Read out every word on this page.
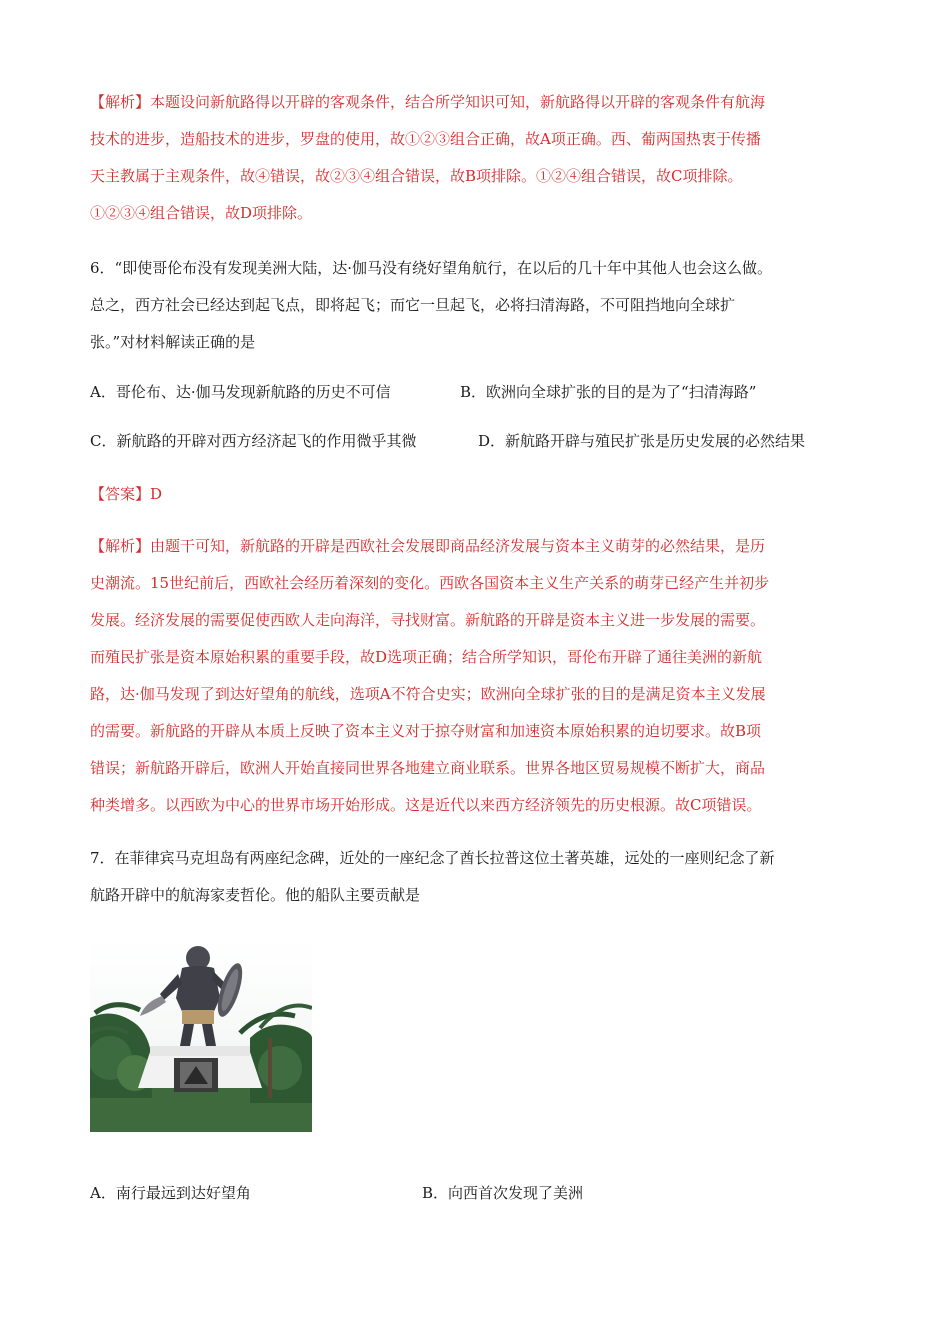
【解析】本题设问新航路得以开辟的客观条件，结合所学知识可知，新航路得以开辟的客观条件有航海
技术的进步，造船技术的进步，罗盘的使用，故①②③组合正确，故A项正确。西、葡两国热衷于传播
天主教属于主观条件，故④错误，故②③④组合错误，故B项排除。①②④组合错误，故C项排除。
①②③④组合错误，故D项排除。
6．“即使哥伦布没有发现美洲大陆，达·伽马没有绕好望角航行，在以后的几十年中其他人也会这么做。
总之，西方社会已经达到起飞点，即将起飞；而它一旦起飞，必将扫清海路，不可阻挡地向全球扩
张。”对材料解读正确的是
A．哥伦布、达·伽马发现新航路的历史不可信	B．欧洲向全球扩张的目的是为了“扫清海路”
C．新航路的开辟对西方经济起飞的作用微乎其微	D．新航路开辟与殖民扩张是历史发展的必然结果
【答案】D
【解析】由题干可知，新航路的开辟是西欧社会发展即商品经济发展与资本主义萌芽的必然结果，是历
史潮流。15世纪前后，西欧社会经历着深刻的变化。西欧各国资本主义生产关系的萌芽已经产生并初步
发展。经济发展的需要促使西欧人走向海洋，寻找财富。新航路的开辟是资本主义进一步发展的需要。
而殖民扩张是资本原始积累的重要手段，故D选项正确；结合所学知识，哥伦布开辟了通往美洲的新航
路，达·伽马发现了到达好望角的航线，选项A不符合史实；欧洲向全球扩张的目的是满足资本主义发展
的需要。新航路的开辟从本质上反映了资本主义对于掠夺财富和加速资本原始积累的迫切要求。故B项
错误；新航路开辟后，欧洲人开始直接同世界各地建立商业联系。世界各地区贸易规模不断扩大，商品
种类增多。以西欧为中心的世界市场开始形成。这是近代以来西方经济领先的历史根源。故C项错误。
7．在菲律宾马克坦岛有两座纪念碑，近处的一座纪念了酋长拉普这位土著英雄，远处的一座则纪念了新
航路开辟中的航海家麦哲伦。他的船队主要贡献是
A．南行最远到达好望角	B．向西首次发现了美洲
